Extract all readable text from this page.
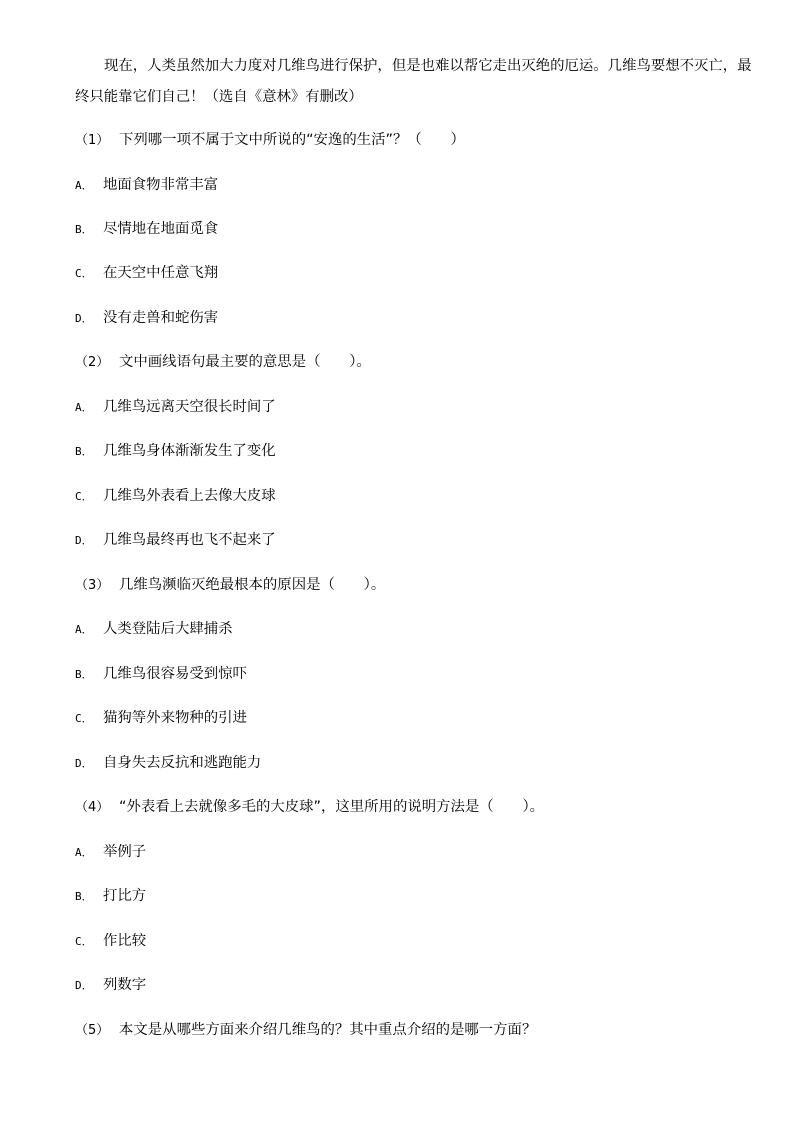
现在，人类虽然加大力度对几维鸟进行保护，但是也难以帮它走出灭绝的厄运。几维鸟要想不灭亡，最终只能靠它们自己！（选自《意林》有删改）

（1） 下列哪一项不属于文中所说的“安逸的生活”？（　　）
A． 地面食物非常丰富
B． 尽情地在地面觅食
C． 在天空中任意飞翔
D． 没有走兽和蛇伤害
（2） 文中画线语句最主要的意思是（　　）。
A． 几维鸟远离天空很长时间了
B． 几维鸟身体渐渐发生了变化
C． 几维鸟外表看上去像大皮球
D． 几维鸟最终再也飞不起来了
（3） 几维鸟濒临灭绝最根本的原因是（　　）。
A． 人类登陆后大肆捕杀
B． 几维鸟很容易受到惊吓
C． 猫狗等外来物种的引进
D． 自身失去反抗和逃跑能力
（4） “外表看上去就像多毛的大皮球”，这里所用的说明方法是（　　）。
A． 举例子
B． 打比方
C． 作比较
D． 列数字
（5） 本文是从哪些方面来介绍几维鸟的？其中重点介绍的是哪一方面？
